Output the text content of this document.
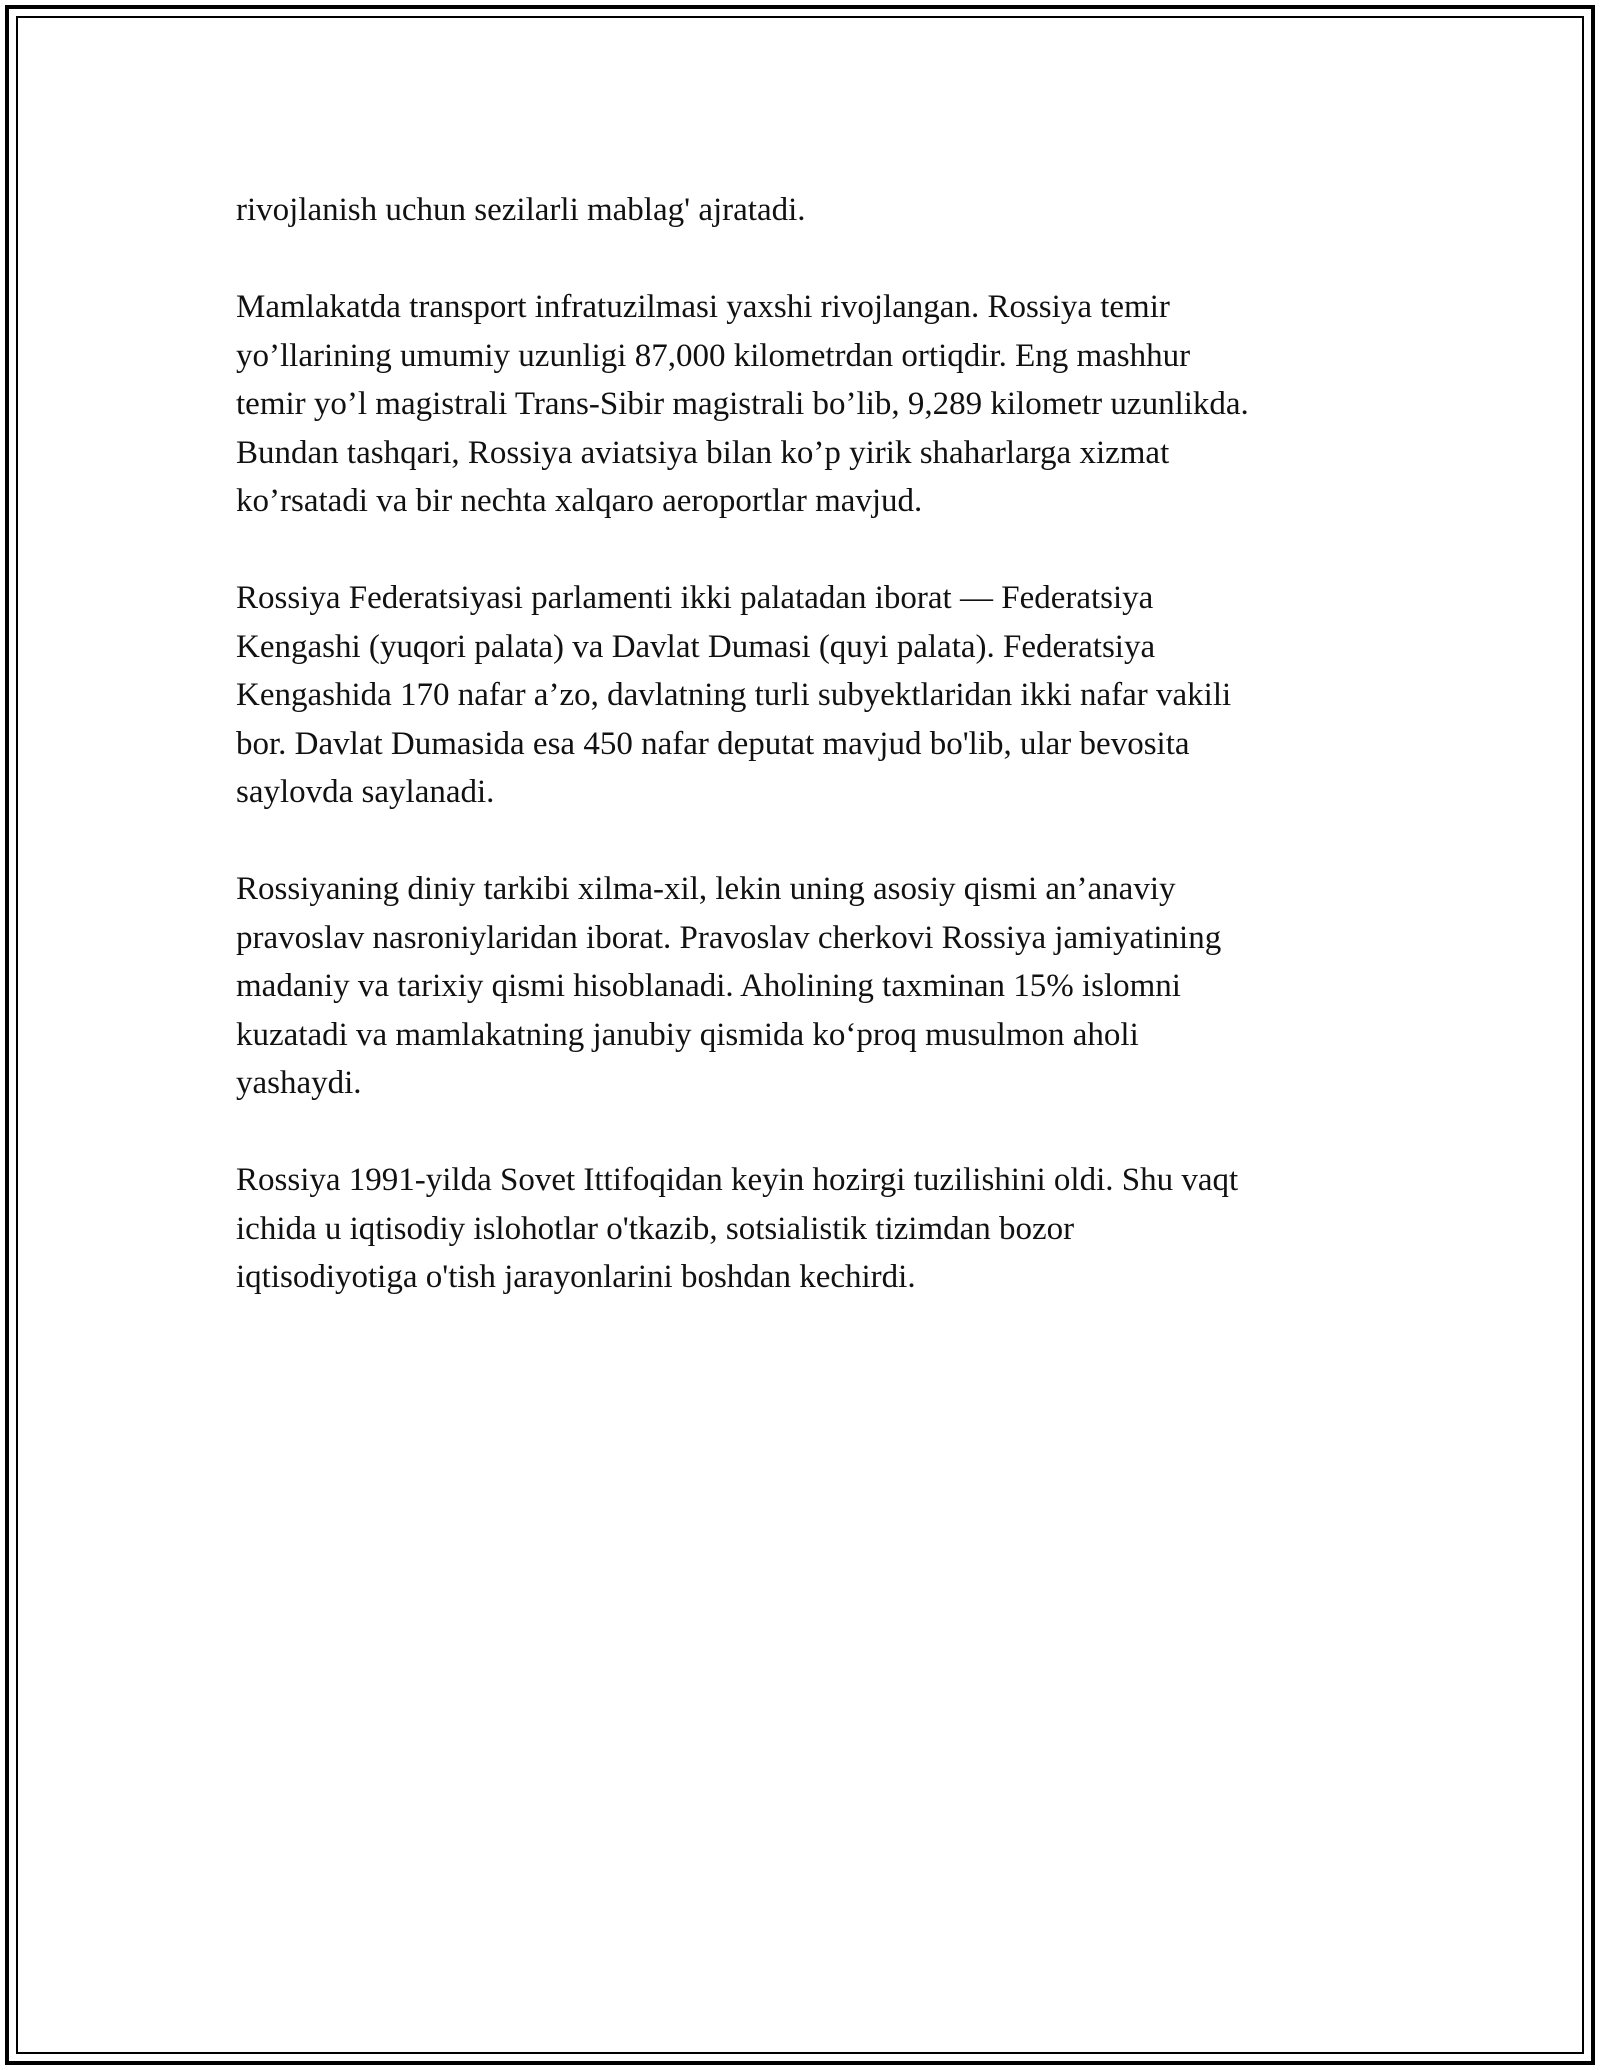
rivojlanish uchun sezilarli mablag' ajratadi.

Mamlakatda transport infratuzilmasi yaxshi rivojlangan. Rossiya temir
yo’llarining umumiy uzunligi 87,000 kilometrdan ortiqdir. Eng mashhur
temir yo’l magistrali Trans-Sibir magistrali bo’lib, 9,289 kilometr uzunlikda.
Bundan tashqari, Rossiya aviatsiya bilan ko’p yirik shaharlarga xizmat
ko’rsatadi va bir nechta xalqaro aeroportlar mavjud.

Rossiya Federatsiyasi parlamenti ikki palatadan iborat — Federatsiya
Kengashi (yuqori palata) va Davlat Dumasi (quyi palata). Federatsiya
Kengashida 170 nafar a’zo, davlatning turli subyektlaridan ikki nafar vakili
bor. Davlat Dumasida esa 450 nafar deputat mavjud bo'lib, ular bevosita
saylovda saylanadi.

Rossiyaning diniy tarkibi xilma-xil, lekin uning asosiy qismi an’anaviy
pravoslav nasroniylaridan iborat. Pravoslav cherkovi Rossiya jamiyatining
madaniy va tarixiy qismi hisoblanadi. Aholining taxminan 15% islomni
kuzatadi va mamlakatning janubiy qismida ko‘proq musulmon aholi
yashaydi.

Rossiya 1991-yilda Sovet Ittifoqidan keyin hozirgi tuzilishini oldi. Shu vaqt
ichida u iqtisodiy islohotlar o'tkazib, sotsialistik tizimdan bozor
iqtisodiyotiga o'tish jarayonlarini boshdan kechirdi.
